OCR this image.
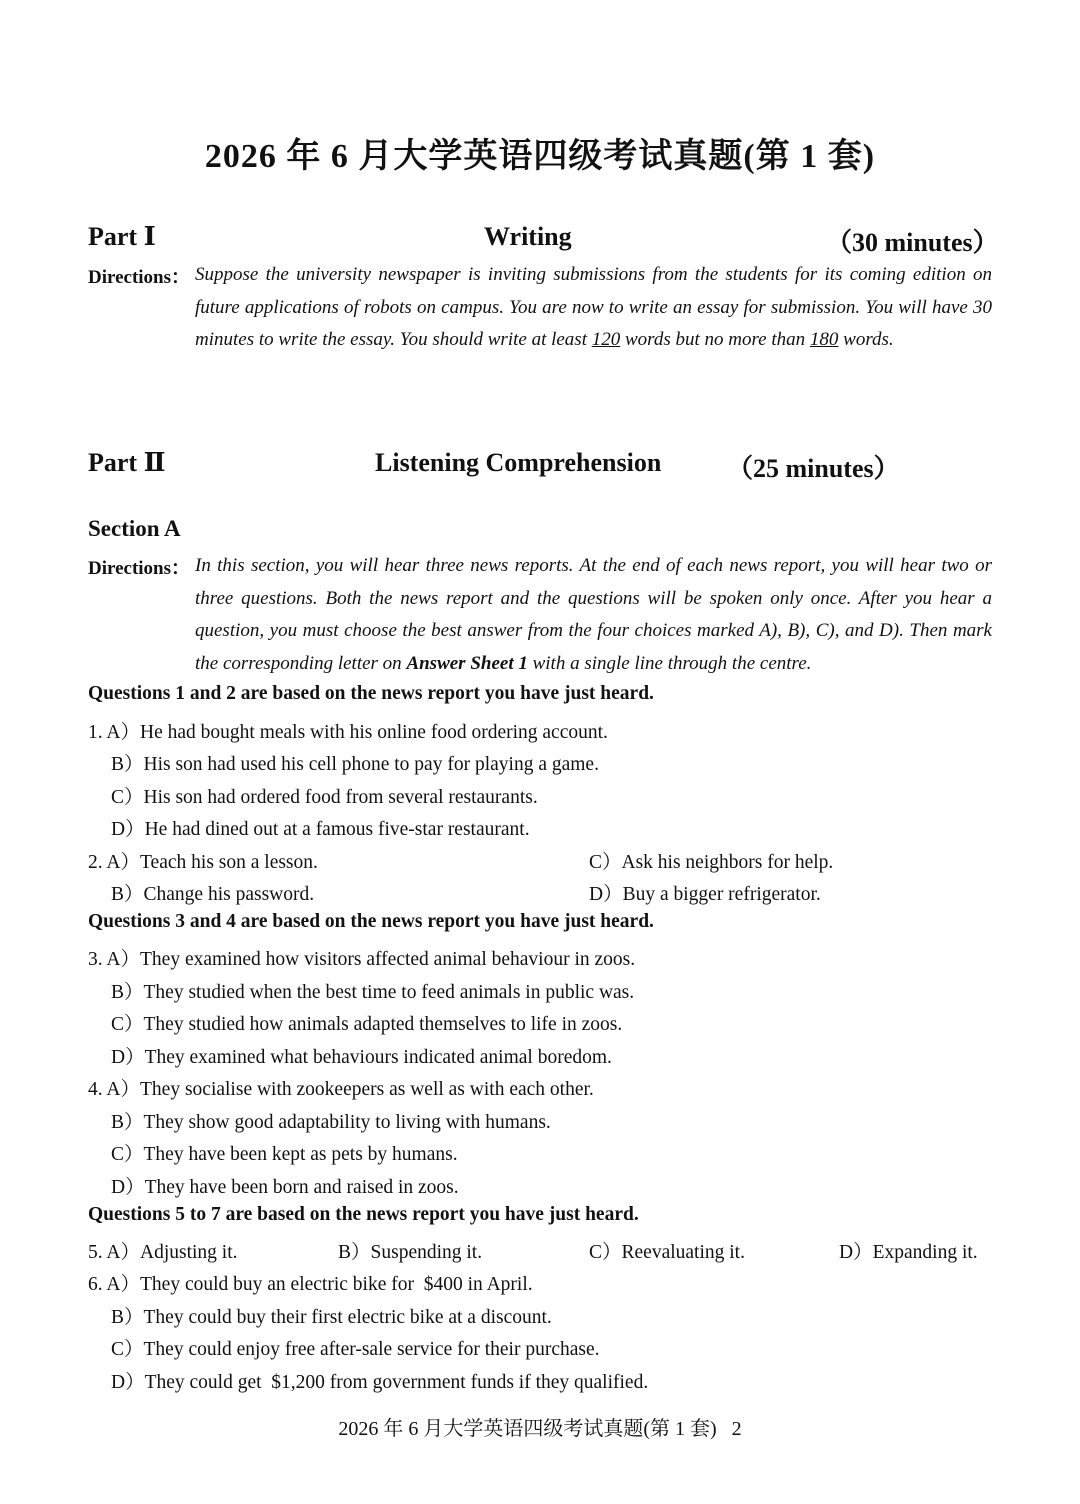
2026 年 6 月大学英语四级考试真题(第 1 套)
Part Ⅰ	Writing	（30 minutes）
Directions： Suppose the university newspaper is inviting submissions from the students for its coming edition on future applications of robots on campus. You are now to write an essay for submission. You will have 30 minutes to write the essay. You should write at least 120 words but no more than 180 words.
Part Ⅱ	Listening Comprehension	（25 minutes）
Section A
Directions： In this section, you will hear three news reports. At the end of each news report, you will hear two or three questions. Both the news report and the questions will be spoken only once. After you hear a question, you must choose the best answer from the four choices marked A), B), C), and D). Then mark the corresponding letter on Answer Sheet 1 with a single line through the centre.
Questions 1 and 2 are based on the news report you have just heard.
1. A）He had bought meals with his online food ordering account.
B）His son had used his cell phone to pay for playing a game.
C）His son had ordered food from several restaurants.
D）He had dined out at a famous five-star restaurant.
2. A）Teach his son a lesson.	C）Ask his neighbors for help.
B）Change his password.	D）Buy a bigger refrigerator.
Questions 3 and 4 are based on the news report you have just heard.
3. A）They examined how visitors affected animal behaviour in zoos.
B）They studied when the best time to feed animals in public was.
C）They studied how animals adapted themselves to life in zoos.
D）They examined what behaviours indicated animal boredom.
4. A）They socialise with zookeepers as well as with each other.
B）They show good adaptability to living with humans.
C）They have been kept as pets by humans.
D）They have been born and raised in zoos.
Questions 5 to 7 are based on the news report you have just heard.
5. A）Adjusting it.	B）Suspending it.	C）Reevaluating it.	D）Expanding it.
6. A）They could buy an electric bike for  $400 in April.
B）They could buy their first electric bike at a discount.
C）They could enjoy free after-sale service for their purchase.
D）They could get  $1,200 from government funds if they qualified.
2026 年 6 月大学英语四级考试真题(第 1 套)   2
